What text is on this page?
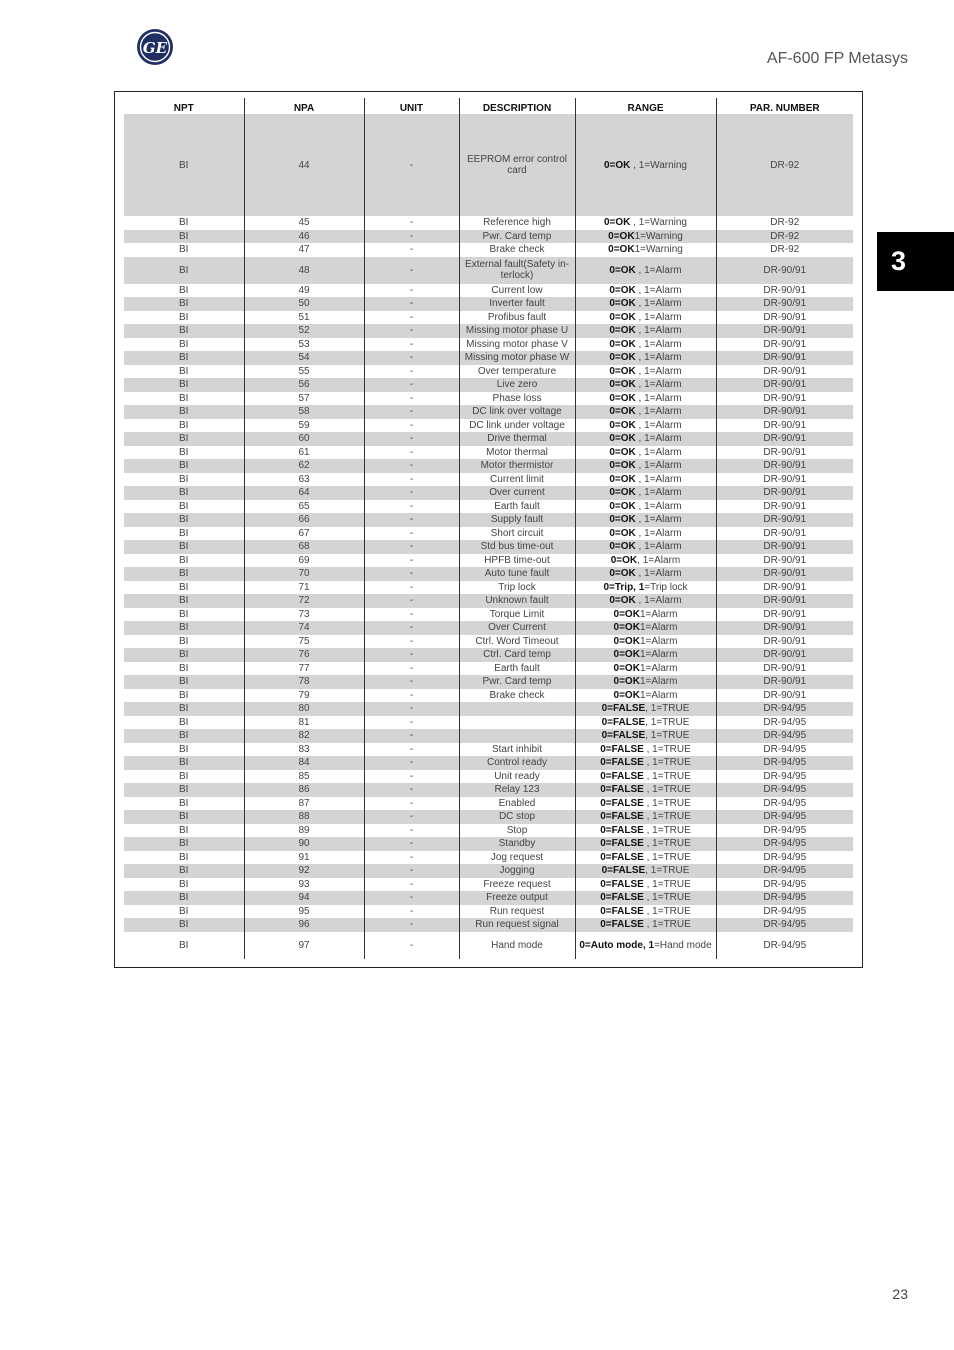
GE
AF-600 FP Metasys
3
NPT	NPA	UNIT	DESCRIPTION	RANGE	PAR. NUMBER
BI	44	-	EEPROM error control card	0=OK , 1=Warning	DR-92
BI	45	-	Reference high	0=OK , 1=Warning	DR-92
BI	46	-	Pwr. Card temp	0=OK1=Warning	DR-92
BI	47	-	Brake check	0=OK1=Warning	DR-92
BI	48	-	External fault(Safety in-terlock)	0=OK , 1=Alarm	DR-90/91
BI	49	-	Current low	0=OK , 1=Alarm	DR-90/91
BI	50	-	Inverter fault	0=OK , 1=Alarm	DR-90/91
BI	51	-	Profibus fault	0=OK , 1=Alarm	DR-90/91
BI	52	-	Missing motor phase U	0=OK , 1=Alarm	DR-90/91
BI	53	-	Missing motor phase V	0=OK , 1=Alarm	DR-90/91
BI	54	-	Missing motor phase W	0=OK , 1=Alarm	DR-90/91
BI	55	-	Over temperature	0=OK , 1=Alarm	DR-90/91
BI	56	-	Live zero	0=OK , 1=Alarm	DR-90/91
BI	57	-	Phase loss	0=OK , 1=Alarm	DR-90/91
BI	58	-	DC link over voltage	0=OK , 1=Alarm	DR-90/91
BI	59	-	DC link under voltage	0=OK , 1=Alarm	DR-90/91
BI	60	-	Drive thermal	0=OK , 1=Alarm	DR-90/91
BI	61	-	Motor thermal	0=OK , 1=Alarm	DR-90/91
BI	62	-	Motor thermistor	0=OK , 1=Alarm	DR-90/91
BI	63	-	Current limit	0=OK , 1=Alarm	DR-90/91
BI	64	-	Over current	0=OK , 1=Alarm	DR-90/91
BI	65	-	Earth fault	0=OK , 1=Alarm	DR-90/91
BI	66	-	Supply fault	0=OK , 1=Alarm	DR-90/91
BI	67	-	Short circuit	0=OK , 1=Alarm	DR-90/91
BI	68	-	Std bus time-out	0=OK , 1=Alarm	DR-90/91
BI	69	-	HPFB time-out	0=OK, 1=Alarm	DR-90/91
BI	70	-	Auto tune fault	0=OK , 1=Alarm	DR-90/91
BI	71	-	Trip lock	0=Trip, 1=Trip lock	DR-90/91
BI	72	-	Unknown fault	0=OK , 1=Alarm	DR-90/91
BI	73	-	Torque Limit	0=OK1=Alarm	DR-90/91
BI	74	-	Over Current	0=OK1=Alarm	DR-90/91
BI	75	-	Ctrl. Word Timeout	0=OK1=Alarm	DR-90/91
BI	76	-	Ctrl. Card temp	0=OK1=Alarm	DR-90/91
BI	77	-	Earth fault	0=OK1=Alarm	DR-90/91
BI	78	-	Pwr. Card temp	0=OK1=Alarm	DR-90/91
BI	79	-	Brake check	0=OK1=Alarm	DR-90/91
BI	80	-		0=FALSE, 1=TRUE	DR-94/95
BI	81	-		0=FALSE, 1=TRUE	DR-94/95
BI	82	-		0=FALSE, 1=TRUE	DR-94/95
BI	83	-	Start inhibit	0=FALSE , 1=TRUE	DR-94/95
BI	84	-	Control ready	0=FALSE , 1=TRUE	DR-94/95
BI	85	-	Unit ready	0=FALSE , 1=TRUE	DR-94/95
BI	86	-	Relay 123	0=FALSE , 1=TRUE	DR-94/95
BI	87	-	Enabled	0=FALSE , 1=TRUE	DR-94/95
BI	88	-	DC stop	0=FALSE , 1=TRUE	DR-94/95
BI	89	-	Stop	0=FALSE , 1=TRUE	DR-94/95
BI	90	-	Standby	0=FALSE , 1=TRUE	DR-94/95
BI	91	-	Jog request	0=FALSE , 1=TRUE	DR-94/95
BI	92	-	Jogging	0=FALSE, 1=TRUE	DR-94/95
BI	93	-	Freeze request	0=FALSE , 1=TRUE	DR-94/95
BI	94	-	Freeze output	0=FALSE , 1=TRUE	DR-94/95
BI	95	-	Run request	0=FALSE , 1=TRUE	DR-94/95
BI	96	-	Run request signal	0=FALSE , 1=TRUE	DR-94/95
BI	97	-	Hand mode	0=Auto mode, 1=Hand mode	DR-94/95
23
